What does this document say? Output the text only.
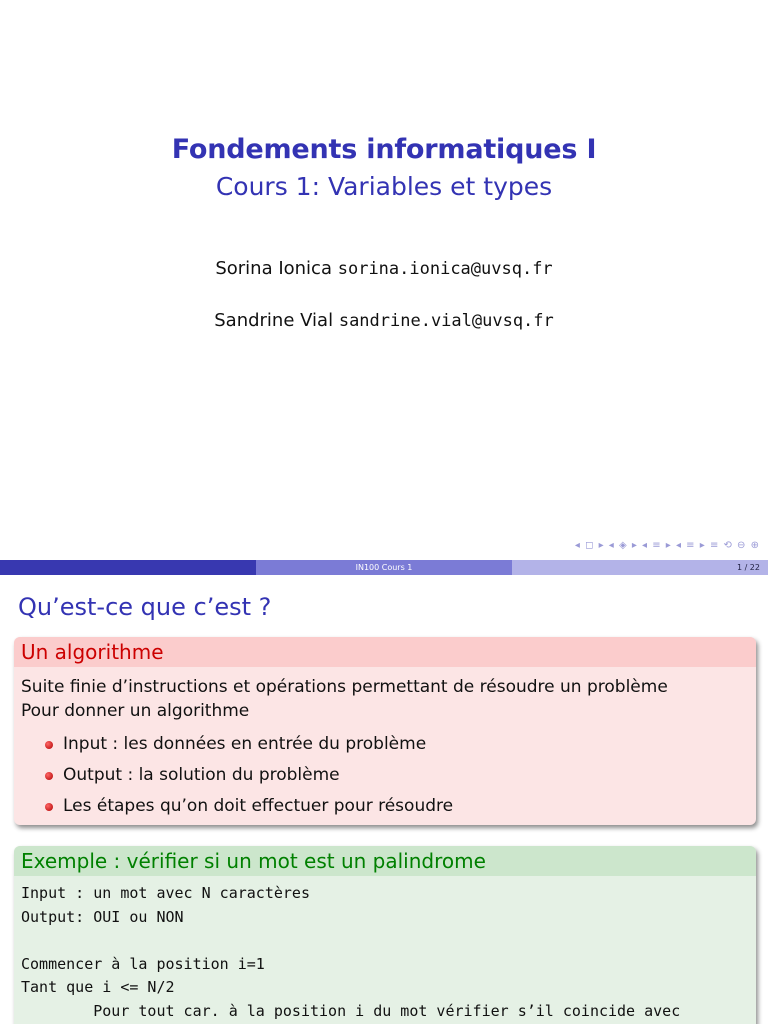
Fondements informatiques I
Cours 1: Variables et types
Sorina Ionica sorina.ionica@uvsq.fr
Sandrine Vial sandrine.vial@uvsq.fr
◂ ◻ ▸ ◂ ◈ ▸ ◂ ≡ ▸ ◂ ≡ ▸ ≡ ⟲ ⊖ ⊕
IN100 Cours 1	1 / 22
Qu’est-ce que c’est ?
Un algorithme
Suite finie d’instructions et opérations permettant de résoudre un problème
Pour donner un algorithme
Input : les données en entrée du problème
Output : la solution du problème
Les étapes qu’on doit effectuer pour résoudre
Exemple : vérifier si un mot est un palindrome
Input : un mot avec N caractères
Output: OUI ou NON
Commencer à la position i=1
Tant que i <= N/2
Pour tout car. à la position i du mot vérifier s’il coincide avec
